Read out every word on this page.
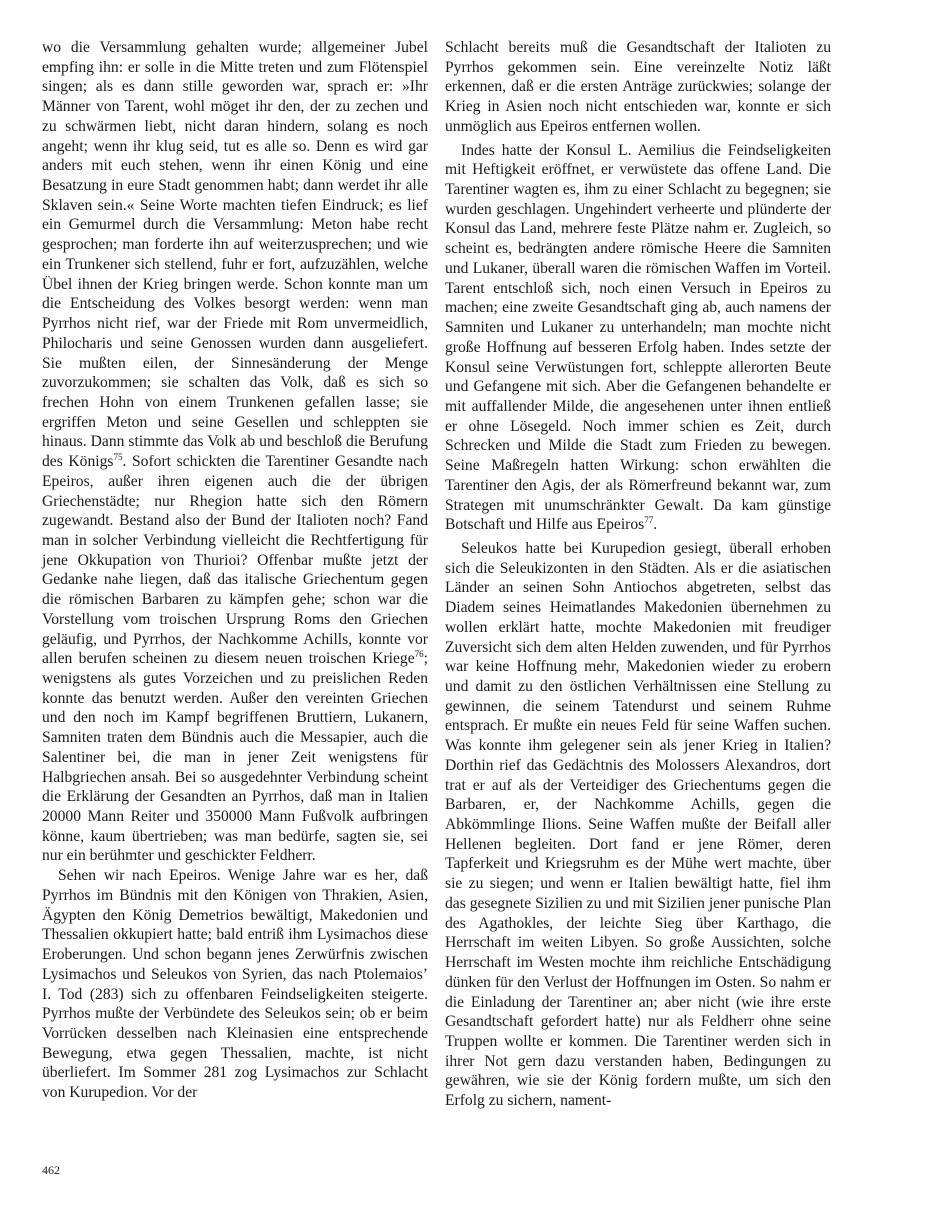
wo die Versammlung gehalten wurde; allgemeiner Jubel empfing ihn: er solle in die Mitte treten und zum Flötenspiel singen; als es dann stille geworden war, sprach er: »Ihr Männer von Tarent, wohl möget ihr den, der zu zechen und zu schwärmen liebt, nicht daran hindern, solang es noch angeht; wenn ihr klug seid, tut es alle so. Denn es wird gar anders mit euch stehen, wenn ihr einen König und eine Besatzung in eure Stadt genommen habt; dann werdet ihr alle Sklaven sein.« Seine Worte machten tiefen Eindruck; es lief ein Gemurmel durch die Versammlung: Meton habe recht gesprochen; man forderte ihn auf weiterzusprechen; und wie ein Trunkener sich stellend, fuhr er fort, aufzuzählen, welche Übel ihnen der Krieg bringen werde. Schon konnte man um die Entscheidung des Volkes besorgt werden: wenn man Pyrrhos nicht rief, war der Friede mit Rom unvermeidlich, Philocharis und seine Genossen wurden dann ausgeliefert. Sie mußten eilen, der Sinnesänderung der Menge zuvorzukommen; sie schalten das Volk, daß es sich so frechen Hohn von einem Trunkenen gefallen lasse; sie ergriffen Meton und seine Gesellen und schleppten sie hinaus. Dann stimmte das Volk ab und beschloß die Berufung des Königs$^{75}$. Sofort schickten die Tarentiner Gesandte nach Epeiros, außer ihren eigenen auch die der übrigen Griechenstädte; nur Rhegion hatte sich den Römern zugewandt. Bestand also der Bund der Italioten noch? Fand man in solcher Verbindung vielleicht die Rechtfertigung für jene Okkupation von Thurioi? Offenbar mußte jetzt der Gedanke nahe liegen, daß das italische Griechentum gegen die römischen Barbaren zu kämpfen gehe; schon war die Vorstellung vom troischen Ursprung Roms den Griechen geläufig, und Pyrrhos, der Nachkomme Achills, konnte vor allen berufen scheinen zu diesem neuen troischen Kriege$^{76}$; wenigstens als gutes Vorzeichen und zu preislichen Reden konnte das benutzt werden. Außer den vereinten Griechen und den noch im Kampf begriffenen Bruttiern, Lukanern, Samniten traten dem Bündnis auch die Messapier, auch die Salentiner bei, die man in jener Zeit wenigstens für Halbgriechen ansah. Bei so ausgedehnter Verbindung scheint die Erklärung der Gesandten an Pyrrhos, daß man in Italien 20000 Mann Reiter und 350000 Mann Fußvolk aufbringen könne, kaum übertrieben; was man bedürfe, sagten sie, sei nur ein berühmter und geschickter Feldherr.

Sehen wir nach Epeiros. Wenige Jahre war es her, daß Pyrrhos im Bündnis mit den Königen von Thrakien, Asien, Ägypten den König Demetrios bewältigt, Makedonien und Thessalien okkupiert hatte; bald entriß ihm Lysimachos diese Eroberungen. Und schon begann jenes Zerwürfnis zwischen Lysimachos und Seleukos von Syrien, das nach Ptolemaios’ I. Tod (283) sich zu offenbaren Feindseligkeiten steigerte. Pyrrhos mußte der Verbündete des Seleukos sein; ob er beim Vorrücken desselben nach Kleinasien eine entsprechende Bewegung, etwa gegen Thessalien, machte, ist nicht überliefert. Im Sommer 281 zog Lysimachos zur Schlacht von Kurupedion. Vor der

Schlacht bereits muß die Gesandtschaft der Italioten zu Pyrrhos gekommen sein. Eine vereinzelte Notiz läßt erkennen, daß er die ersten Anträge zurückwies; solange der Krieg in Asien noch nicht entschieden war, konnte er sich unmöglich aus Epeiros entfernen wollen.

Indes hatte der Konsul L. Aemilius die Feindseligkeiten mit Heftigkeit eröffnet, er verwüstete das offene Land. Die Tarentiner wagten es, ihm zu einer Schlacht zu begegnen; sie wurden geschlagen. Ungehindert verheerte und plünderte der Konsul das Land, mehrere feste Plätze nahm er. Zugleich, so scheint es, bedrängten andere römische Heere die Samniten und Lukaner, überall waren die römischen Waffen im Vorteil. Tarent entschloß sich, noch einen Versuch in Epeiros zu machen; eine zweite Gesandtschaft ging ab, auch namens der Samniten und Lukaner zu unterhandeln; man mochte nicht große Hoffnung auf besseren Erfolg haben. Indes setzte der Konsul seine Verwüstungen fort, schleppte allerorten Beute und Gefangene mit sich. Aber die Gefangenen behandelte er mit auffallender Milde, die angesehenen unter ihnen entließ er ohne Lösegeld. Noch immer schien es Zeit, durch Schrecken und Milde die Stadt zum Frieden zu bewegen. Seine Maßregeln hatten Wirkung: schon erwählten die Tarentiner den Agis, der als Römerfreund bekannt war, zum Strategen mit unumschränkter Gewalt. Da kam günstige Botschaft und Hilfe aus Epeiros$^{77}$.

Seleukos hatte bei Kurupedion gesiegt, überall erhoben sich die Seleukizonten in den Städten. Als er die asiatischen Länder an seinen Sohn Antiochos abgetreten, selbst das Diadem seines Heimatlandes Makedonien übernehmen zu wollen erklärt hatte, mochte Makedonien mit freudiger Zuversicht sich dem alten Helden zuwenden, und für Pyrrhos war keine Hoffnung mehr, Makedonien wieder zu erobern und damit zu den östlichen Verhältnissen eine Stellung zu gewinnen, die seinem Tatendurst und seinem Ruhme entsprach. Er mußte ein neues Feld für seine Waffen suchen. Was konnte ihm gelegener sein als jener Krieg in Italien? Dorthin rief das Gedächtnis des Molossers Alexandros, dort trat er auf als der Verteidiger des Griechentums gegen die Barbaren, er, der Nachkomme Achills, gegen die Abkömmlinge Ilions. Seine Waffen mußte der Beifall aller Hellenen begleiten. Dort fand er jene Römer, deren Tapferkeit und Kriegsruhm es der Mühe wert machte, über sie zu siegen; und wenn er Italien bewältigt hatte, fiel ihm das gesegnete Sizilien zu und mit Sizilien jener punische Plan des Agathokles, der leichte Sieg über Karthago, die Herrschaft im weiten Libyen. So große Aussichten, solche Herrschaft im Westen mochte ihm reichliche Entschädigung dünken für den Verlust der Hoffnungen im Osten. So nahm er die Einladung der Tarentiner an; aber nicht (wie ihre erste Gesandtschaft gefordert hatte) nur als Feldherr ohne seine Truppen wollte er kommen. Die Tarentiner werden sich in ihrer Not gern dazu verstanden haben, Bedingungen zu gewähren, wie sie der König fordern mußte, um sich den Erfolg zu sichern, nament-

462
